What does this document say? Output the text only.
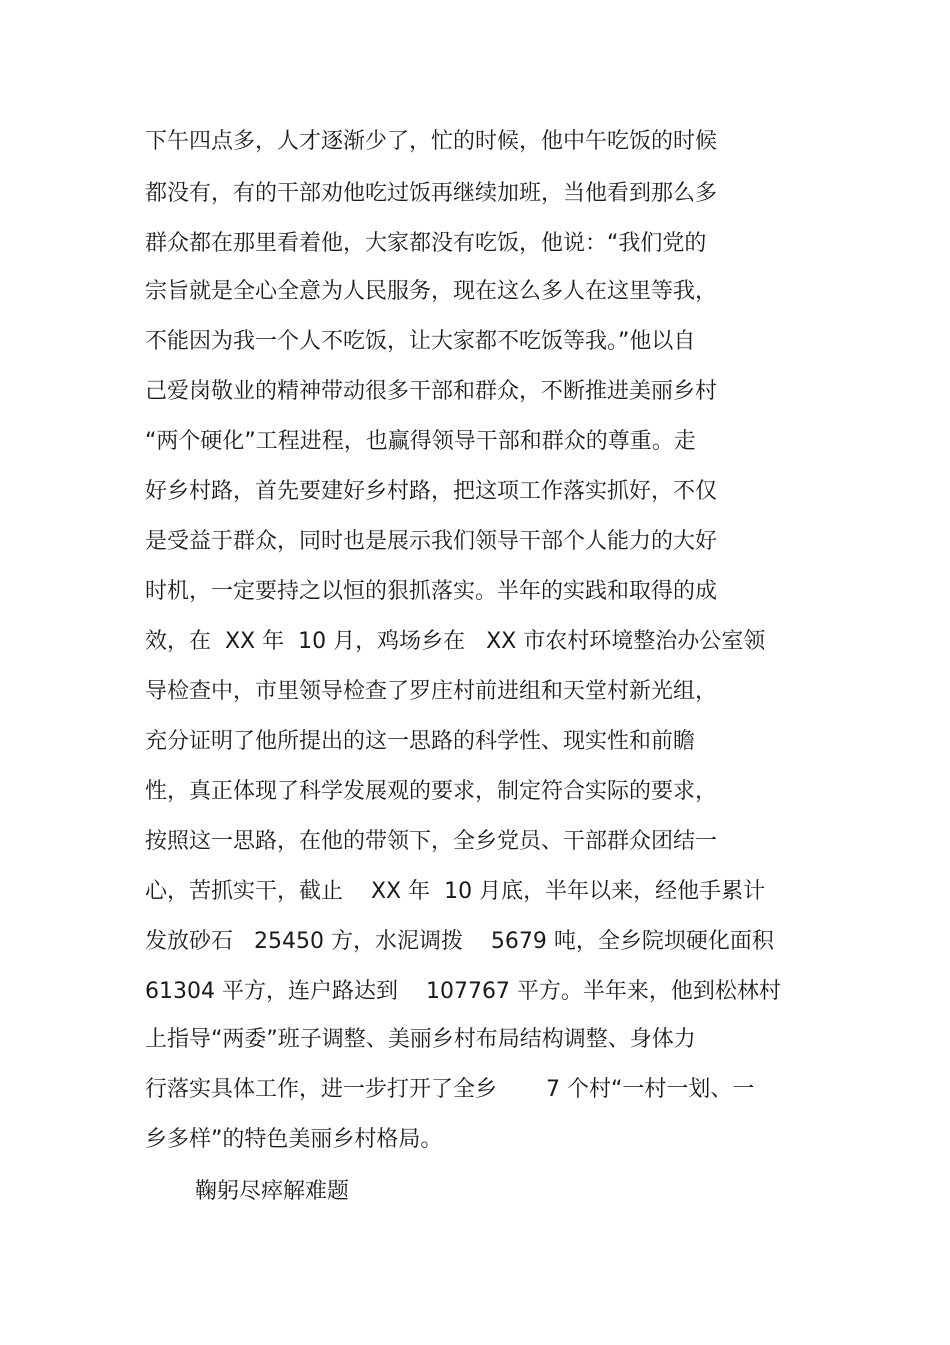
下午四点多，人才逐渐少了，忙的时候，他中午吃饭的时候
都没有，有的干部劝他吃过饭再继续加班，当他看到那么多
群众都在那里看着他，大家都没有吃饭，他说：“我们党的
宗旨就是全心全意为人民服务，现在这么多人在这里等我，
不能因为我一个人不吃饭，让大家都不吃饭等我。”他以自
己爱岗敬业的精神带动很多干部和群众，不断推进美丽乡村
“两个硬化”工程进程，也赢得领导干部和群众的尊重。走
好乡村路，首先要建好乡村路，把这项工作落实抓好，不仅
是受益于群众，同时也是展示我们领导干部个人能力的大好
时机，一定要持之以恒的狠抓落实。半年的实践和取得的成
效，在  XX 年  10 月，鸡场乡在   XX 市农村环境整治办公室领
导检查中，市里领导检查了罗庄村前进组和天堂村新光组，
充分证明了他所提出的这一思路的科学性、现实性和前瞻
性，真正体现了科学发展观的要求，制定符合实际的要求，
按照这一思路，在他的带领下，全乡党员、干部群众团结一
心，苦抓实干，截止    XX 年  10 月底，半年以来，经他手累计
发放砂石   25450 方，水泥调拨    5679 吨，全乡院坝硬化面积
61304 平方，连户路达到    107767 平方。半年来，他到松林村
上指导“两委”班子调整、美丽乡村布局结构调整、身体力
行落实具体工作，进一步打开了全乡       7 个村“一村一划、一
乡多样”的特色美丽乡村格局。
鞠躬尽瘁解难题
